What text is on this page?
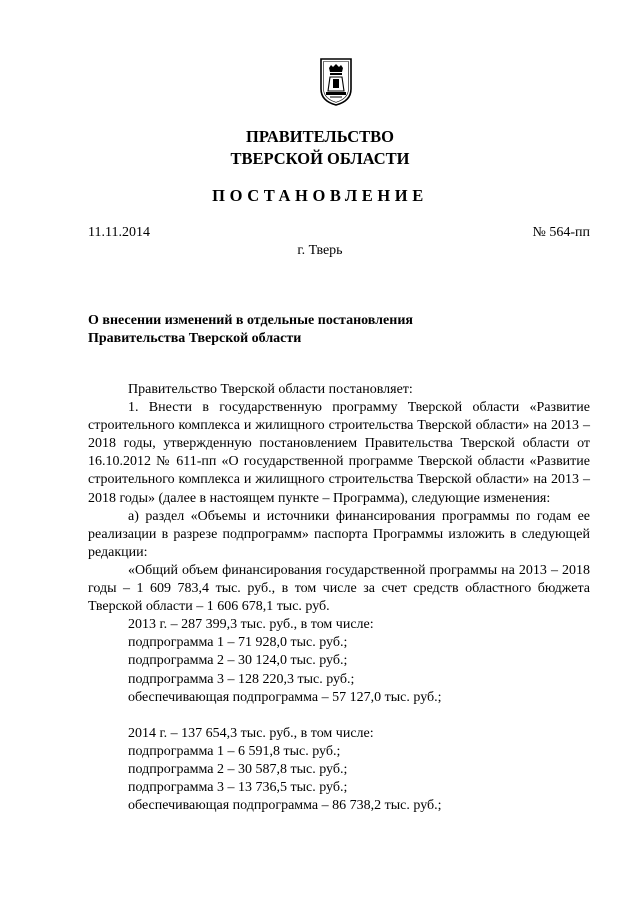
ПРАВИТЕЛЬСТВО
ТВЕРСКОЙ ОБЛАСТИ
ПОСТАНОВЛЕНИЕ
11.11.2014	№ 564-пп
г. Тверь
О внесении изменений в отдельные постановления
Правительства Тверской области

Правительство Тверской области постановляет:

1. Внести в государственную программу Тверской области «Развитие строительного комплекса и жилищного строительства Тверской области» на 2013 – 2018 годы, утвержденную постановлением Правительства Тверской области от 16.10.2012 № 611-пп «О государственной программе Тверской области «Развитие строительного комплекса и жилищного строительства Тверской области» на 2013 – 2018 годы» (далее в настоящем пункте – Программа), следующие изменения:

а) раздел «Объемы и источники финансирования программы по годам ее реализации в разрезе подпрограмм» паспорта Программы изложить в следующей редакции:

«Общий объем финансирования государственной программы на 2013 – 2018 годы – 1 609 783,4 тыс. руб., в том числе за счет средств областного бюджета Тверской области – 1 606 678,1 тыс. руб.

2013 г. – 287 399,3 тыс. руб., в том числе:

подпрограмма 1 – 71 928,0 тыс. руб.;

подпрограмма 2 – 30 124,0 тыс. руб.;

подпрограмма 3 – 128 220,3 тыс. руб.;

обеспечивающая подпрограмма – 57 127,0 тыс. руб.;

2014 г. – 137 654,3 тыс. руб., в том числе:

подпрограмма 1 – 6 591,8 тыс. руб.;

подпрограмма 2 – 30 587,8 тыс. руб.;

подпрограмма 3 – 13 736,5 тыс. руб.;

обеспечивающая подпрограмма – 86 738,2 тыс. руб.;
